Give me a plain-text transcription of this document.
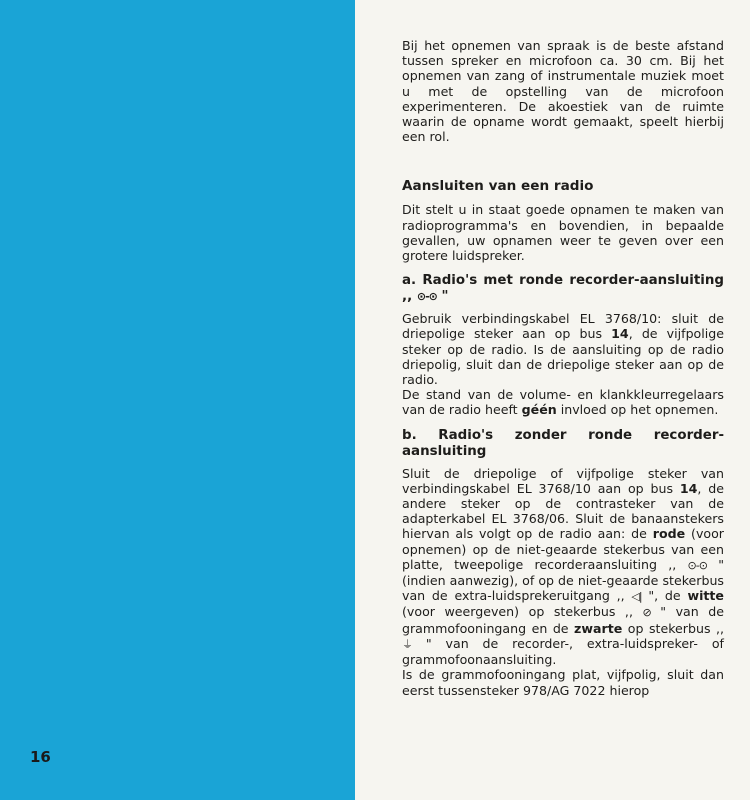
16

Bij het opnemen van spraak is de beste afstand tussen spreker en microfoon ca. 30 cm. Bij het opnemen van zang of instrumentale muziek moet u met de opstelling van de microfoon experimenteren. De akoestiek van de ruimte waarin de opname wordt gemaakt, speelt hierbij een rol.

Aansluiten van een radio

Dit stelt u in staat goede opnamen te maken van radioprogramma's en bovendien, in bepaalde gevallen, uw opnamen weer te geven over een grotere luidspreker.

a. Radio's met ronde recorder-aansluiting ,, ⊙-⊙ "

Gebruik verbindingskabel EL 3768/10: sluit de driepolige steker aan op bus 14, de vijfpolige steker op de radio. Is de aansluiting op de radio driepolig, sluit dan de driepolige steker aan op de radio.

De stand van de volume- en klankkleurregelaars van de radio heeft géén invloed op het opnemen.

b. Radio's zonder ronde recorder-aansluiting

Sluit de driepolige of vijfpolige steker van verbindingskabel EL 3768/10 aan op bus 14, de andere steker op de contrasteker van de adapterkabel EL 3768/06. Sluit de banaanstekers hiervan als volgt op de radio aan: de rode (voor opnemen) op de niet-geaarde stekerbus van een platte, tweepolige recorderaansluiting ,, ⊙-⊙ " (indien aanwezig), of op de niet-geaarde stekerbus van de extra-luidsprekeruitgang ,, ◁| ", de witte (voor weergeven) op stekerbus ,, ⊘ " van de grammofooningang en de zwarte op stekerbus ,, ⏚ " van de recorder-, extra-luidspreker- of grammofoonaansluiting.

Is de grammofooningang plat, vijfpolig, sluit dan eerst tussensteker 978/AG 7022 hierop
